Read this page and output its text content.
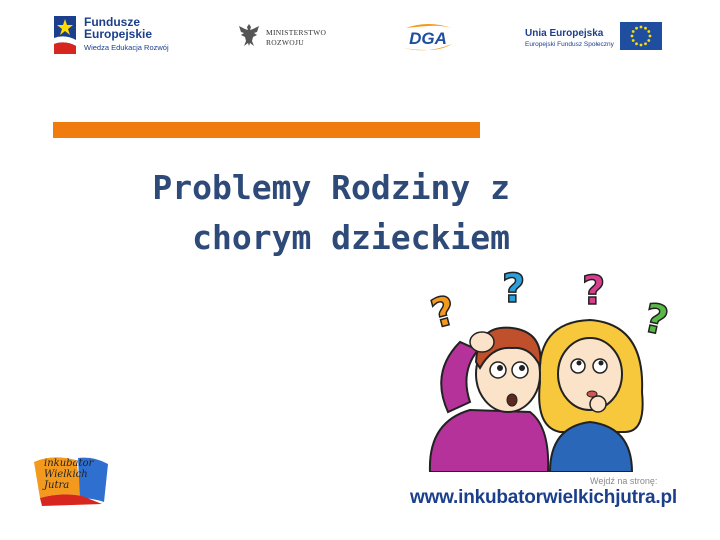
Fundusze
Europejskie
Wiedza Edukacja Rozwój
MINISTERSTWO
ROZWOJU	DGA	Unia Europejska
Europejski Fundusz Społeczny
Problemy Rodziny z
chorym dzieckiem
? ? ?
?
inkubator Wielkich Jutra	Wejdź na stronę:
www.inkubatorwielkichjutra.pl
